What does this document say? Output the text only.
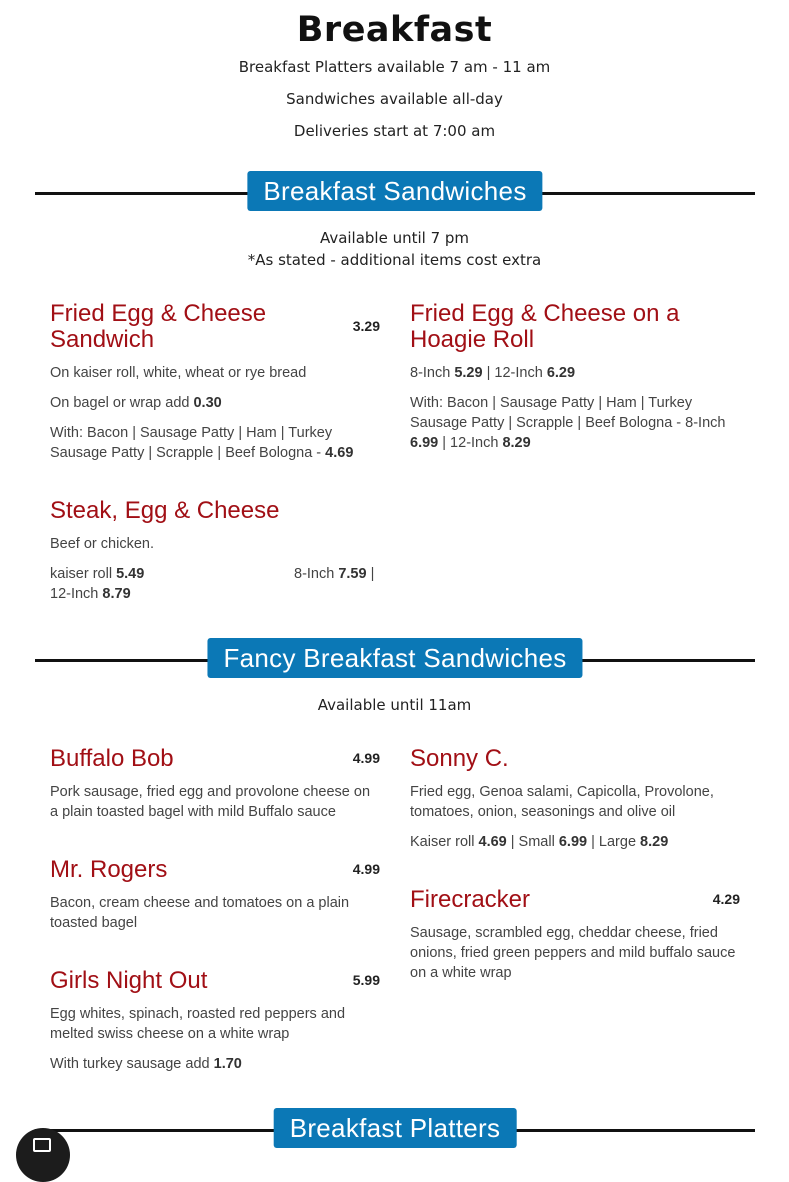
Breakfast
Breakfast Platters available 7 am - 11 am
Sandwiches available all-day
Deliveries start at 7:00 am
Breakfast Sandwiches
Available until 7 pm
*As stated - additional items cost extra
Fried Egg & Cheese Sandwich	3.29
On kaiser roll, white, wheat or rye bread
On bagel or wrap add 0.30
With: Bacon | Sausage Patty | Ham | Turkey Sausage Patty | Scrapple | Beef Bologna - 4.69
Fried Egg & Cheese on a Hoagie Roll
8-Inch 5.29 | 12-Inch 6.29
With: Bacon | Sausage Patty | Ham | Turkey Sausage Patty | Scrapple | Beef Bologna - 8-Inch 6.99 | 12-Inch 8.29
Steak, Egg & Cheese
Beef or chicken.
kaiser roll 5.49	8-Inch 7.59 |

12-Inch 8.79
Fancy Breakfast Sandwiches
Available until 11am
Buffalo Bob	4.99
Pork sausage, fried egg and provolone cheese on a plain toasted bagel with mild Buffalo sauce
Sonny C.
Fried egg, Genoa salami, Capicolla, Provolone, tomatoes, onion, seasonings and olive oil
Kaiser roll 4.69 | Small 6.99 | Large 8.29
Mr. Rogers	4.99
Bacon, cream cheese and tomatoes on a plain toasted bagel
Firecracker	4.29
Sausage, scrambled egg, cheddar cheese, fried onions, fried green peppers and mild buffalo sauce on a white wrap
Girls Night Out	5.99
Egg whites, spinach, roasted red peppers and melted swiss cheese on a white wrap
With turkey sausage add 1.70
Breakfast Platters
